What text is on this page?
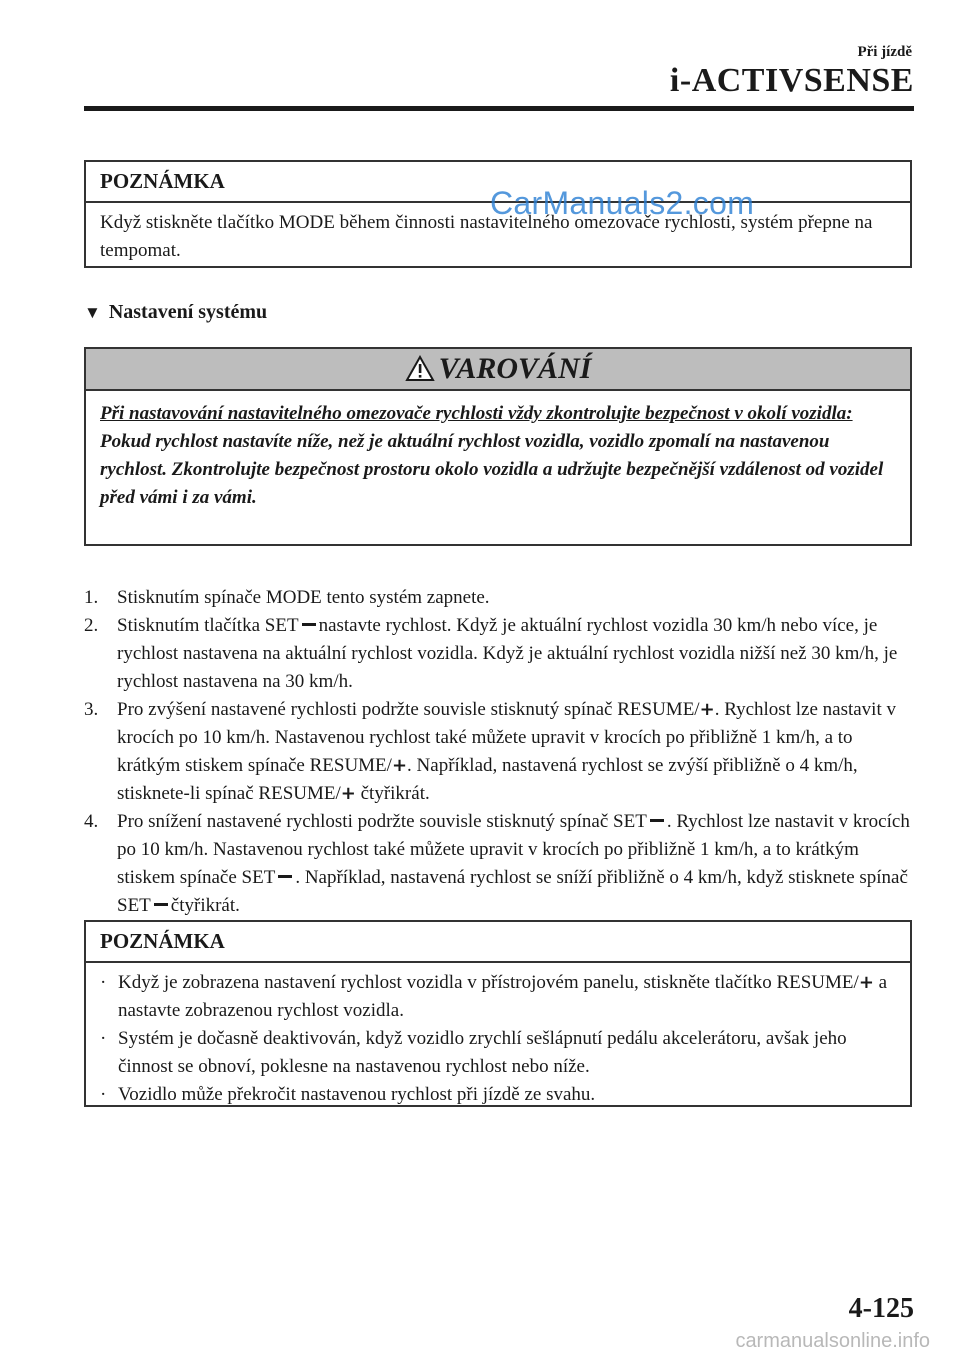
Při jízdě
i-ACTIVSENSE
POZNÁMKA
Když stiskněte tlačítko MODE během činnosti nastavitelného omezovače rychlosti, systém přepne na tempomat.
CarManuals2.com
▼ Nastavení systému
VAROVÁNÍ
Při nastavování nastavitelného omezovače rychlosti vždy zkontrolujte bezpečnost v okolí vozidla:
Pokud rychlost nastavíte níže, než je aktuální rychlost vozidla, vozidlo zpomalí na nastavenou rychlost. Zkontrolujte bezpečnost prostoru okolo vozidla a udržujte bezpečnější vzdálenost od vozidel před vámi i za vámi.
1. Stisknutím spínače MODE tento systém zapnete.
2. Stisknutím tlačítka SET nastavte rychlost. Když je aktuální rychlost vozidla 30 km/h nebo více, je rychlost nastavena na aktuální rychlost vozidla. Když je aktuální rychlost vozidla nižší než 30 km/h, je rychlost nastavena na 30 km/h.
3. Pro zvýšení nastavené rychlosti podržte souvisle stisknutý spínač RESUME/+. Rychlost lze nastavit v krocích po 10 km/h. Nastavenou rychlost také můžete upravit v krocích po přibližně 1 km/h, a to krátkým stiskem spínače RESUME/+. Například, nastavená rychlost se zvýší přibližně o 4 km/h, stisknete-li spínač RESUME/+ čtyřikrát.
4. Pro snížení nastavené rychlosti podržte souvisle stisknutý spínač SET . Rychlost lze nastavit v krocích po 10 km/h. Nastavenou rychlost také můžete upravit v krocích po přibližně 1 km/h, a to krátkým stiskem spínače SET . Například, nastavená rychlost se sníží přibližně o 4 km/h, když stisknete spínač SET čtyřikrát.
POZNÁMKA
· Když je zobrazena nastavení rychlost vozidla v přístrojovém panelu, stiskněte tlačítko RESUME/+ a nastavte zobrazenou rychlost vozidla.
· Systém je dočasně deaktivován, když vozidlo zrychlí sešlápnutí pedálu akcelerátoru, avšak jeho činnost se obnoví, poklesne na nastavenou rychlost nebo níže.
· Vozidlo může překročit nastavenou rychlost při jízdě ze svahu.
4-125
carmanualsonline.info
